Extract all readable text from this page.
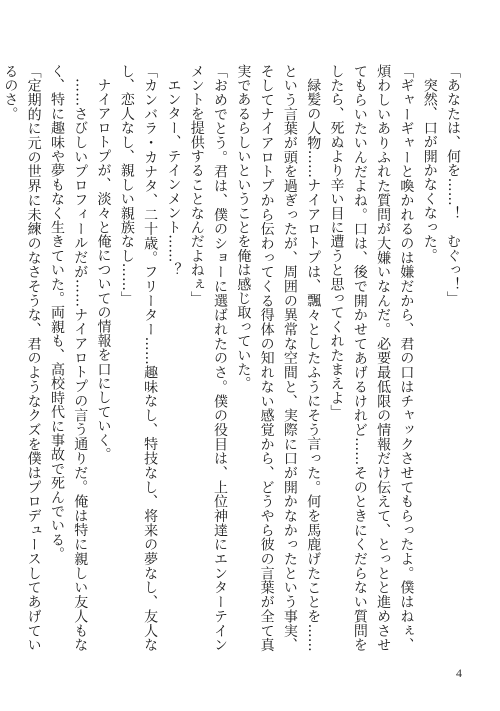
「あなたは、何を……！　むぐっ！」

突然、口が開かなくなった。

「ギャーギャーと喚かれるのは嫌だから、君の口はチャックさせてもらったよ。僕はねぇ、煩わしいありふれた質問が大嫌いなんだ。必要最低限の情報だけ伝えて、とっとと進めさせてもらいたいんだよね。口は、後で開かせてあげるけれど……そのときにくだらない質問をしたら、死ぬより辛い目に遭うと思ってくれたまえよ」

緑髪の人物……ナイアロトプは、飄々としたふうにそう言った。何を馬鹿げたことを……という言葉が頭を過ぎったが、周囲の異常な空間と、実際に口が開かなかったという事実、そしてナイアロトプから伝わってくる得体の知れない感覚から、どうやら彼の言葉が全て真実であるらしいということを俺は感じ取っていた。

「おめでとう。君は、僕のショーに選ばれたのさ。僕の役目は、上位神達にエンターテインメントを提供することなんだよねぇ」

エンター、テインメント……？

「カンバラ・カナタ、二十歳。フリーター……趣味なし、特技なし、将来の夢なし、友人なし、恋人なし、親しい親族なし……」

ナイアロトプが、淡々と俺についての情報を口にしていく。

……さびしいプロフィールだが……ナイアロトプの言う通りだ。俺は特に親しい友人もなく、特に趣味や夢もなく生きていた。両親も、高校時代に事故で死んでいる。

「定期的に元の世界に未練のなさそうな、君のようなクズを僕はプロデュースしてあげているのさ。

4
